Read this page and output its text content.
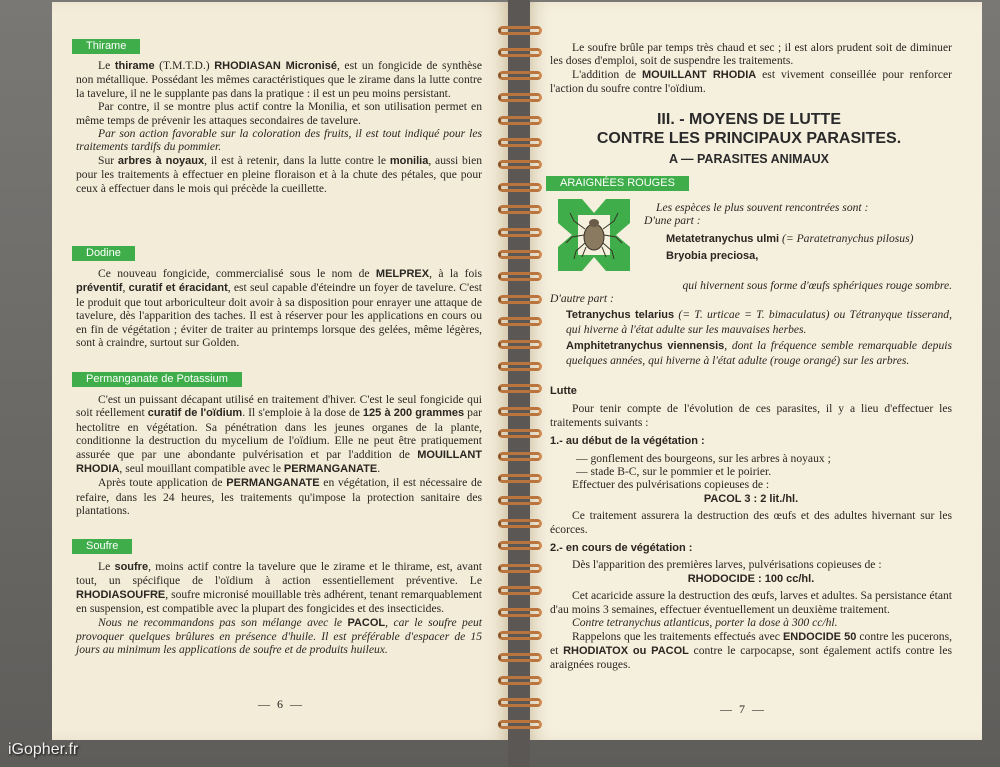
Thirame

Le thirame (T.M.T.D.) RHODIASAN Micronisé, est un fongicide de synthèse non métallique. Possédant les mêmes caractéristiques que le zirame dans la lutte contre la tavelure, il ne le supplante pas dans la pratique : il est un peu moins persistant.

Par contre, il se montre plus actif contre la Monilia, et son utilisation permet en même temps de prévenir les attaques secondaires de tavelure.

Par son action favorable sur la coloration des fruits, il est tout indiqué pour les traitements tardifs du pommier.

Sur arbres à noyaux, il est à retenir, dans la lutte contre le monilia, aussi bien pour les traitements à effectuer en pleine floraison et à la chute des pétales, que pour ceux à effectuer dans le mois qui précède la cueillette.

Dodine

Ce nouveau fongicide, commercialisé sous le nom de MELPREX, à la fois préventif, curatif et éracidant, est seul capable d'éteindre un foyer de tavelure. C'est le produit que tout arboriculteur doit avoir à sa disposition pour enrayer une attaque de tavelure, dès l'apparition des taches. Il est à réserver pour les applications en cours ou en fin de végétation ; éviter de traiter au printemps lorsque des gelées, même légères, sont à craindre, surtout sur Golden.

Permanganate de Potassium

C'est un puissant décapant utilisé en traitement d'hiver. C'est le seul fongicide qui soit réellement curatif de l'oïdium. Il s'emploie à la dose de 125 à 200 grammes par hectolitre en végétation. Sa pénétration dans les jeunes organes de la plante, conditionne la destruction du mycelium de l'oïdium. Elle ne peut être pratiquement assurée que par une abondante pulvérisation et par l'addition de MOUILLANT RHODIA, seul mouillant compatible avec le PERMANGANATE.

Après toute application de PERMANGANATE en végétation, il est nécessaire de refaire, dans les 24 heures, les traitements qu'impose la protection sanitaire des plantations.

Soufre

Le soufre, moins actif contre la tavelure que le zirame et le thirame, est, avant tout, un spécifique de l'oïdium à action essentiellement préventive. Le RHODIASOUFRE, soufre micronisé mouillable très adhérent, tenant remarquablement en suspension, est compatible avec la plupart des fongicides et des insecticides.

Nous ne recommandons pas son mélange avec le PACOL, car le soufre peut provoquer quelques brûlures en présence d'huile. Il est préférable d'espacer de 15 jours au minimum les applications de soufre et de produits huileux.

— 6 —

Le soufre brûle par temps très chaud et sec ; il est alors prudent soit de diminuer les doses d'emploi, soit de suspendre les traitements.

L'addition de MOUILLANT RHODIA est vivement conseillée pour renforcer l'action du soufre contre l'oïdium.

III. - MOYENS DE LUTTE
CONTRE LES PRINCIPAUX PARASITES.
A — PARASITES ANIMAUX
ARAIGNÉES ROUGES

Les espèces le plus souvent rencontrées sont :

D'une part :

Metatetranychus ulmi (= Paratetranychus pilosus)

Bryobia preciosa,

qui hivernent sous forme d'œufs sphériques rouge sombre.

D'autre part :

Tetranychus telarius (= T. urticae = T. bimaculatus) ou Tétranyque tisserand, qui hiverne à l'état adulte sur les mauvaises herbes.

Amphitetranychus viennensis, dont la fréquence semble remarquable depuis quelques années, qui hiverne à l'état adulte (rouge orangé) sur les arbres.

Lutte

Pour tenir compte de l'évolution de ces parasites, il y a lieu d'effectuer les traitements suivants :

1.- au début de la végétation :

— gonflement des bourgeons, sur les arbres à noyaux ;

— stade B-C, sur le pommier et le poirier.

Effectuer des pulvérisations copieuses de :

PACOL 3 : 2 lit./hl.

Ce traitement assurera la destruction des œufs et des adultes hivernant sur les écorces.

2.- en cours de végétation :

Dès l'apparition des premières larves, pulvérisations copieuses de :

RHODOCIDE : 100 cc/hl.

Cet acaricide assure la destruction des œufs, larves et adultes. Sa persistance étant d'au moins 3 semaines, effectuer éventuellement un deuxième traitement.

Contre tetranychus atlanticus, porter la dose à 300 cc/hl.

Rappelons que les traitements effectués avec ENDOCIDE 50 contre les pucerons, et RHODIATOX ou PACOL contre le carpocapse, sont également actifs contre les araignées rouges.

— 7 —
iGopher.fr
